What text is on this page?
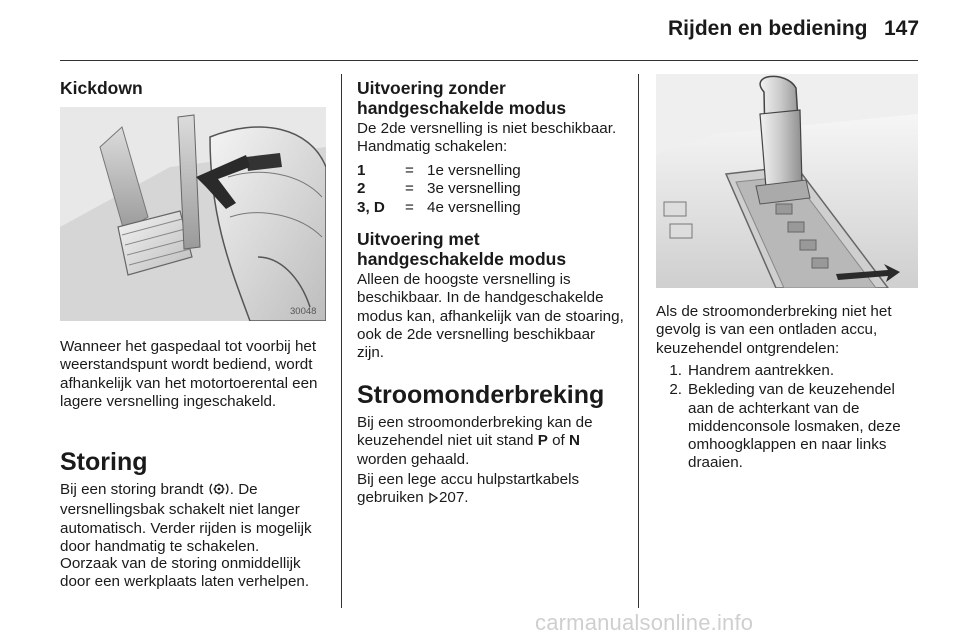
Rijden en bediening 147
Kickdown
30048

Wanneer het gaspedaal tot voorbij het weerstandspunt wordt bediend, wordt afhankelijk van het motortoerental een lagere versnelling ingeschakeld.

Storing

Bij een storing brandt . De versnellingsbak schakelt niet langer automatisch. Verder rijden is mogelijk door handmatig te schakelen.

Oorzaak van de storing onmiddellijk door een werkplaats laten verhelpen.

Uitvoering zonder handgeschakelde modus

De 2de versnelling is niet beschikbaar. Handmatig schakelen:

1	= 1e versnelling
2	= 3e versnelling
3, D	= 4e versnelling
Uitvoering met handgeschakelde modus

Alleen de hoogste versnelling is beschikbaar. In de handgeschakelde modus kan, afhankelijk van de stoaring, ook de 2de versnelling beschikbaar zijn.

Stroomonderbreking

Bij een stroomonderbreking kan de keuzehendel niet uit stand P of N worden gehaald.

Bij een lege accu hulpstartkabels gebruiken 207.

Als de stroomonderbreking niet het gevolg is van een ontladen accu, keuzehendel ontgrendelen:

1. Handrem aantrekken.
2. Bekleding van de keuzehendel aan de achterkant van de middenconsole losmaken, deze omhoogklappen en naar links draaien.
carmanualsonline.info
